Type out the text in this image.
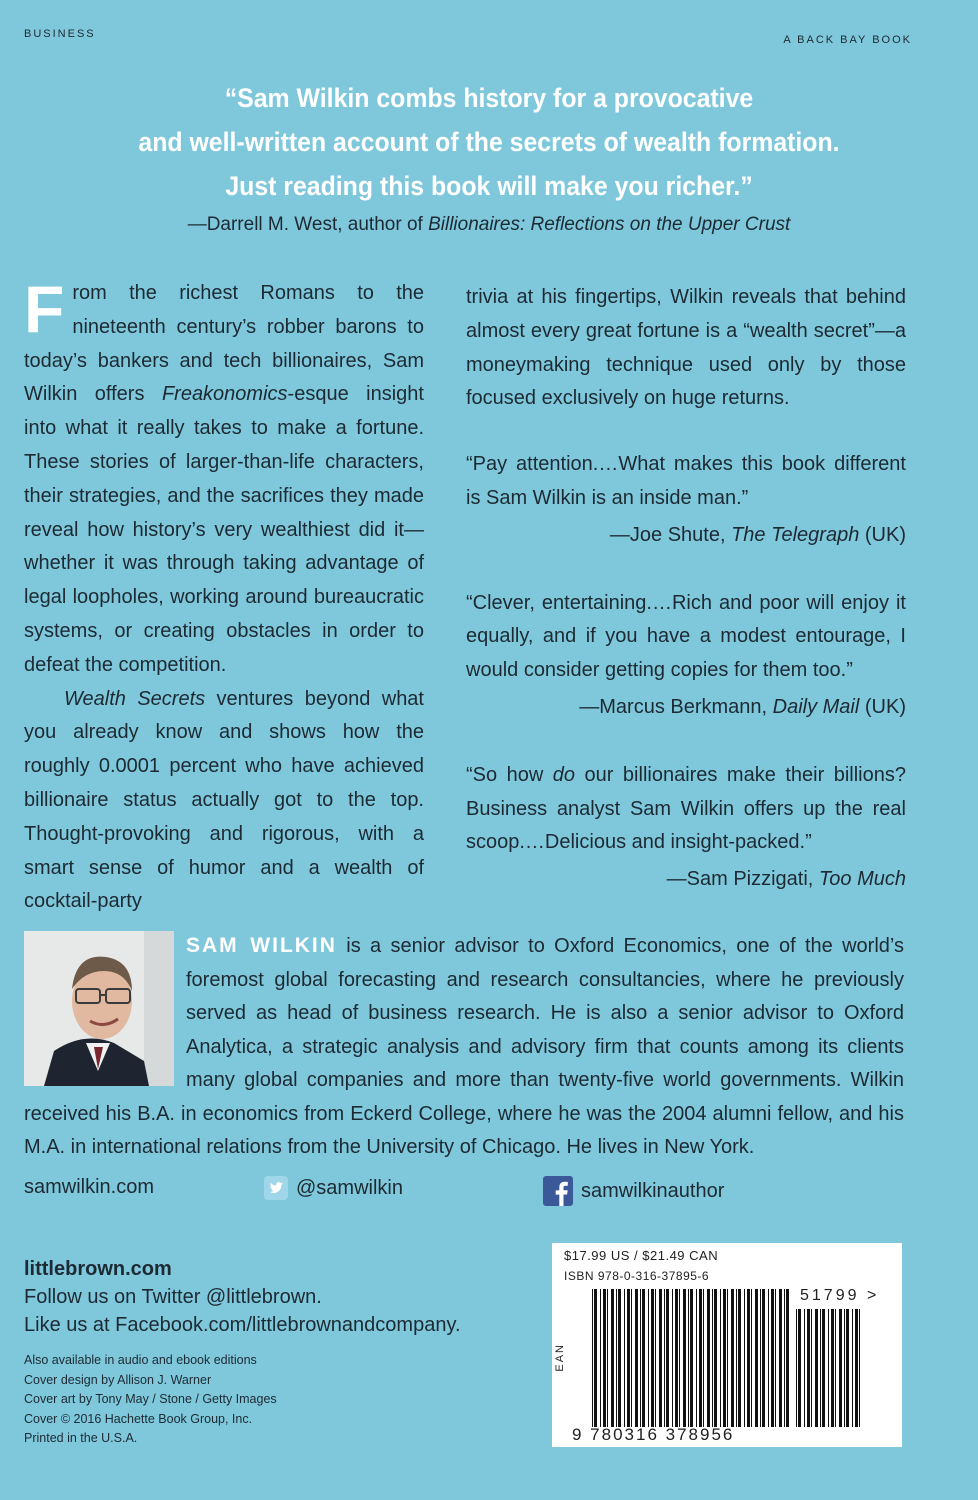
BUSINESS	A BACK BAY BOOK
“Sam Wilkin combs history for a provocative
and well-written account of the secrets of wealth formation.
Just reading this book will make you richer.”
—Darrell M. West, author of Billionaires: Reflections on the Upper Crust
From the richest Romans to the nineteenth century’s robber barons to today’s bankers and tech billionaires, Sam Wilkin offers Freakonomics-esque insight into what it really takes to make a fortune. These stories of larger-than-life characters, their strategies, and the sacrifices they made reveal how history’s very wealthiest did it—whether it was through taking advantage of legal loopholes, working around bureaucratic systems, or creating obstacles in order to defeat the competition.
Wealth Secrets ventures beyond what you already know and shows how the roughly 0.0001 percent who have achieved billionaire status actually got to the top. Thought-provoking and rigorous, with a smart sense of humor and a wealth of cocktail-party
trivia at his fingertips, Wilkin reveals that behind almost every great fortune is a “wealth secret”—a moneymaking technique used only by those focused exclusively on huge returns.
“Pay attention.…What makes this book different is Sam Wilkin is an inside man.”
—Joe Shute, The Telegraph (UK)
“Clever, entertaining.…Rich and poor will enjoy it equally, and if you have a modest entourage, I would consider getting copies for them too.”
—Marcus Berkmann, Daily Mail (UK)
“So how do our billionaires make their billions? Business analyst Sam Wilkin offers up the real scoop.…Delicious and insight-packed.”
—Sam Pizzigati, Too Much
SAM WILKIN is a senior advisor to Oxford Economics, one of the world’s foremost global forecasting and research consultancies, where he previously served as head of business research. He is also a senior advisor to Oxford Analytica, a strategic analysis and advisory firm that counts among its clients many global companies and more than twenty-five world governments. Wilkin received his B.A. in economics from Eckerd College, where he was the 2004 alumni fellow, and his M.A. in international relations from the University of Chicago. He lives in New York.
samwilkin.com	@samwilkin	samwilkinauthor
littlebrown.com
Follow us on Twitter @littlebrown.
Like us at Facebook.com/littlebrownandcompany.
Also available in audio and ebook editions
Cover design by Allison J. Warner
Cover art by Tony May / Stone / Getty Images
Cover © 2016 Hachette Book Group, Inc.
Printed in the U.S.A.
$17.99 US / $21.49 CAN
ISBN 978-0-316-37895-6
51799 >
EAN
9 780316 378956
